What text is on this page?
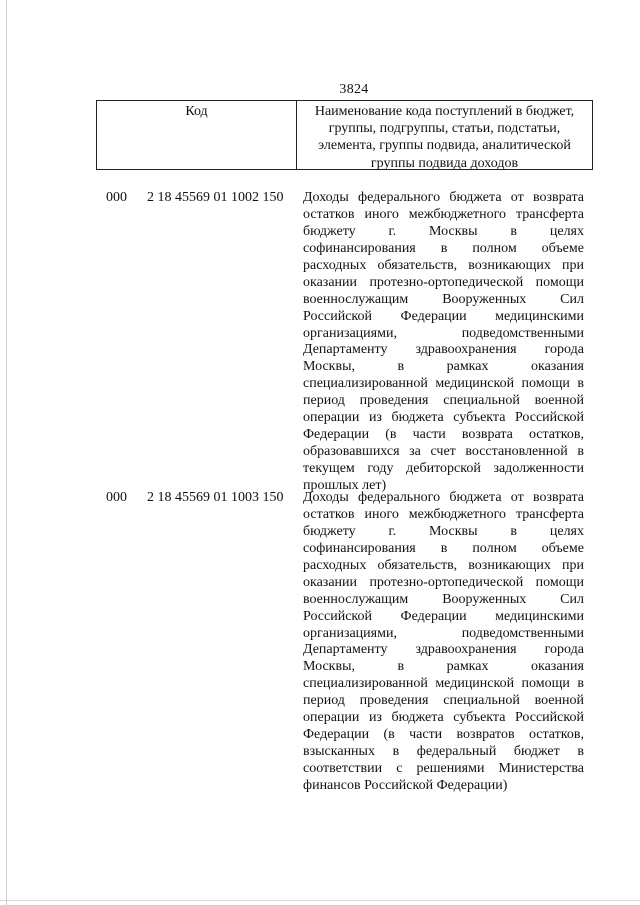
3824
Код	Наименование кода поступлений в бюджет,
группы, подгруппы, статьи, подстатьи,
элемента, группы подвида, аналитической
группы подвида доходов
000 2 18 45569 01 1002 150 Доходы федерального бюджета от возврата
остатков иного межбюджетного трансферта
бюджету г. Москвы в целях
софинансирования в полном объеме
расходных обязательств, возникающих при
оказании протезно-ортопедической помощи
военнослужащим Вооруженных Сил
Российской Федерации медицинскими
организациями,	подведомственными
Департаменту здравоохранения города
Москвы,	в	рамках	оказания
специализированной медицинской помощи в
период проведения специальной военной
операции из бюджета субъекта Российской
Федерации (в части возврата остатков,
образовавшихся за счет восстановленной в
текущем году дебиторской задолженности
прошлых лет)
000 2 18 45569 01 1003 150 Доходы федерального бюджета от возврата
остатков иного межбюджетного трансферта
бюджету г. Москвы в целях
софинансирования в полном объеме
расходных обязательств, возникающих при
оказании протезно-ортопедической помощи
военнослужащим Вооруженных Сил
Российской Федерации медицинскими
организациями,	подведомственными
Департаменту здравоохранения города
Москвы,	в	рамках	оказания
специализированной медицинской помощи в
период проведения специальной военной
операции из бюджета субъекта Российской
Федерации (в части возвратов остатков,
взысканных в федеральный бюджет в
соответствии с решениями Министерства
финансов Российской Федерации)
